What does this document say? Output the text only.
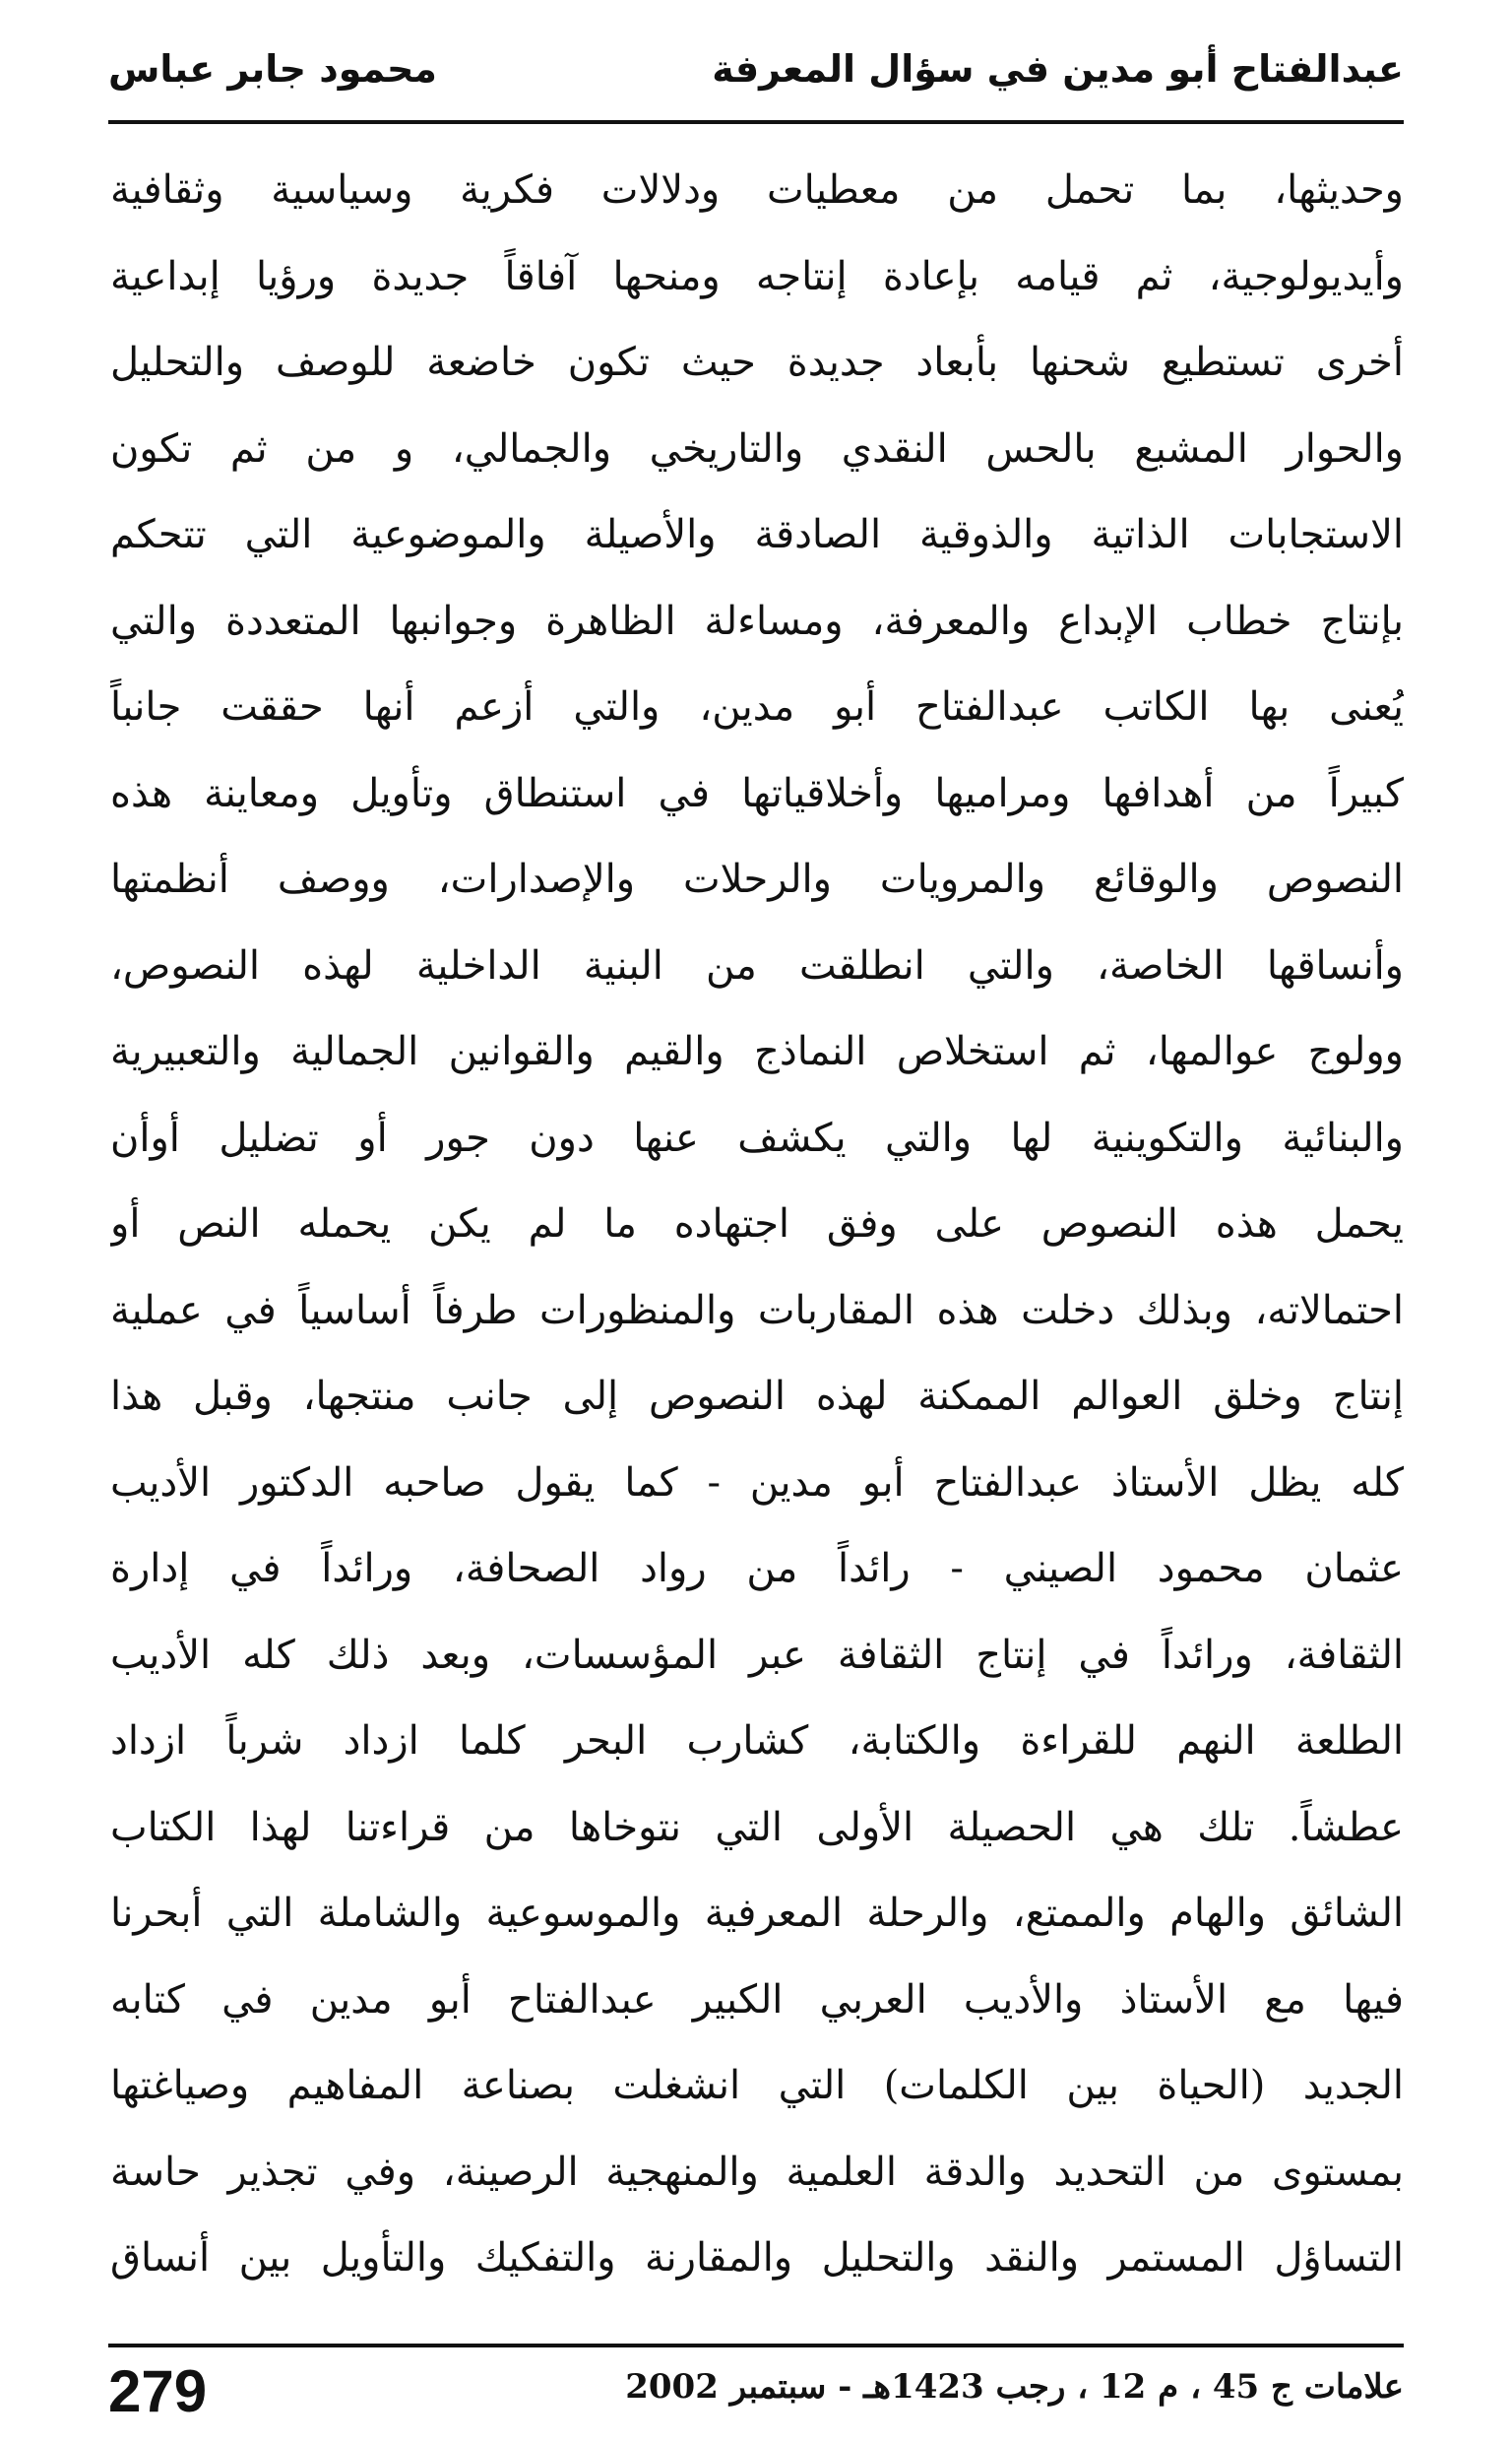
عبدالفتاح أبو مدين في سؤال المعرفة
محمود جابر عباس
وحديثها، بما تحمل من معطيات ودلالات فكرية وسياسية وثقافية
وأيديولوجية، ثم قيامه بإعادة إنتاجه ومنحها آفاقاً جديدة ورؤيا إبداعية
أخرى تستطيع شحنها بأبعاد جديدة حيث تكون خاضعة للوصف والتحليل
والحوار المشبع بالحس النقدي والتاريخي والجمالي، و من ثم تكون
الاستجابات الذاتية والذوقية الصادقة والأصيلة والموضوعية التي تتحكم
بإنتاج خطاب الإبداع والمعرفة، ومساءلة الظاهرة وجوانبها المتعددة والتي
يُعنى بها الكاتب عبدالفتاح أبو مدين، والتي أزعم أنها حققت جانباً
كبيراً من أهدافها ومراميها وأخلاقياتها في استنطاق وتأويل ومعاينة هذه
النصوص والوقائع والمرويات والرحلات والإصدارات، ووصف أنظمتها
وأنساقها الخاصة، والتي انطلقت من البنية الداخلية لهذه النصوص،
وولوج عوالمها، ثم استخلاص النماذج والقيم والقوانين الجمالية والتعبيرية
والبنائية والتكوينية لها والتي يكشف عنها دون جور أو تضليل أوأن
يحمل هذه النصوص على وفق اجتهاده ما لم يكن يحمله النص أو
احتمالاته، وبذلك دخلت هذه المقاربات والمنظورات طرفاً أساسياً في عملية
إنتاج وخلق العوالم الممكنة لهذه النصوص إلى جانب منتجها، وقبل هذا
كله يظل الأستاذ عبدالفتاح أبو مدين - كما يقول صاحبه الدكتور الأديب
عثمان محمود الصيني - رائداً من رواد الصحافة، ورائداً في إدارة
الثقافة، ورائداً في إنتاج الثقافة عبر المؤسسات، وبعد ذلك كله الأديب
الطلعة النهم للقراءة والكتابة، كشارب البحر كلما ازداد شرباً ازداد
عطشاً. تلك هي الحصيلة الأولى التي نتوخاها من قراءتنا لهذا الكتاب
الشائق والهام والممتع، والرحلة المعرفية والموسوعية والشاملة التي أبحرنا
فيها مع الأستاذ والأديب العربي الكبير عبدالفتاح أبو مدين في كتابه
الجديد (الحياة بين الكلمات) التي انشغلت بصناعة المفاهيم وصياغتها
بمستوى من التحديد والدقة العلمية والمنهجية الرصينة، وفي تجذير حاسة
التساؤل المستمر والنقد والتحليل والمقارنة والتفكيك والتأويل بين أنساق
علامات ج 45 ، م 12 ، رجب 1423هـ - سبتمبر 2002
279
